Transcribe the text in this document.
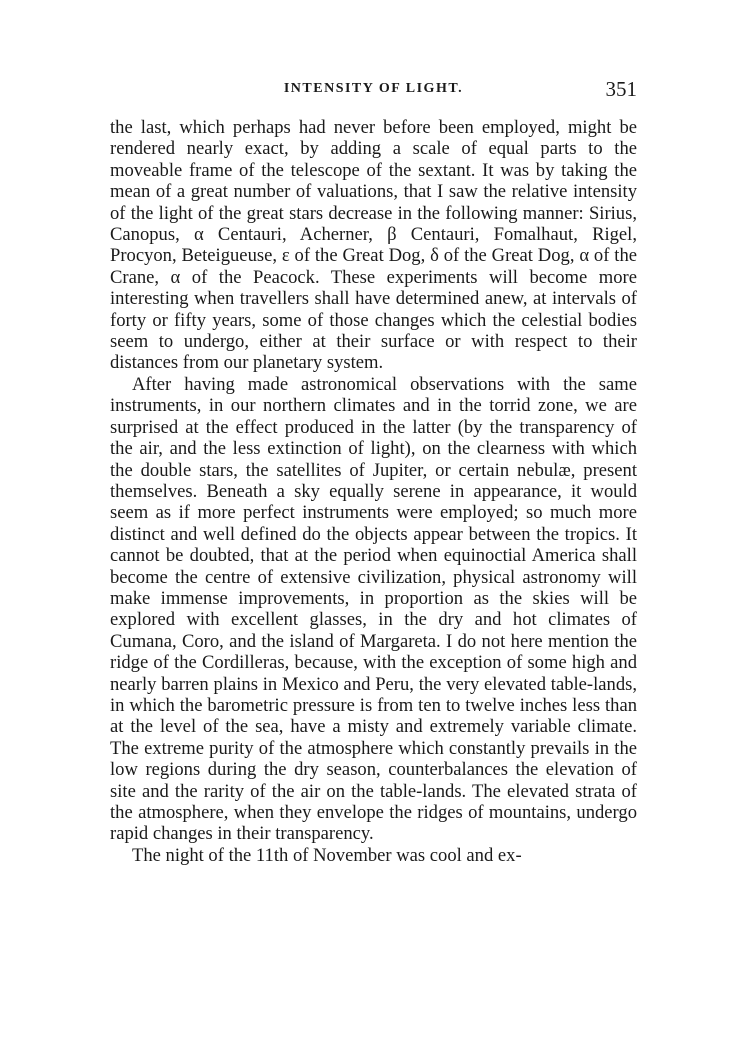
INTENSITY OF LIGHT.	351

the last, which perhaps had never before been employed, might be rendered nearly exact, by adding a scale of equal parts to the moveable frame of the telescope of the sextant. It was by taking the mean of a great number of valuations, that I saw the relative intensity of the light of the great stars decrease in the following manner: Sirius, Canopus, α Centauri, Acherner, β Centauri, Fomalhaut, Rigel, Procyon, Beteigueuse, ε of the Great Dog, δ of the Great Dog, α of the Crane, α of the Peacock. These experiments will become more interesting when travellers shall have determined anew, at intervals of forty or fifty years, some of those changes which the celestial bodies seem to undergo, either at their surface or with respect to their distances from our planetary system.

After having made astronomical observations with the same instruments, in our northern climates and in the torrid zone, we are surprised at the effect produced in the latter (by the transparency of the air, and the less extinction of light), on the clearness with which the double stars, the satellites of Jupiter, or certain nebulæ, present themselves. Beneath a sky equally serene in appearance, it would seem as if more perfect instruments were employed; so much more distinct and well defined do the objects appear between the tropics. It cannot be doubted, that at the period when equinoctial America shall become the centre of extensive civilization, physical astronomy will make immense improvements, in proportion as the skies will be explored with excellent glasses, in the dry and hot climates of Cumana, Coro, and the island of Margareta. I do not here mention the ridge of the Cordilleras, because, with the exception of some high and nearly barren plains in Mexico and Peru, the very elevated table-lands, in which the barometric pressure is from ten to twelve inches less than at the level of the sea, have a misty and extremely variable climate. The extreme purity of the atmosphere which constantly prevails in the low regions during the dry season, counterbalances the elevation of site and the rarity of the air on the table-lands. The elevated strata of the atmosphere, when they envelope the ridges of mountains, undergo rapid changes in their transparency.

The night of the 11th of November was cool and ex-
